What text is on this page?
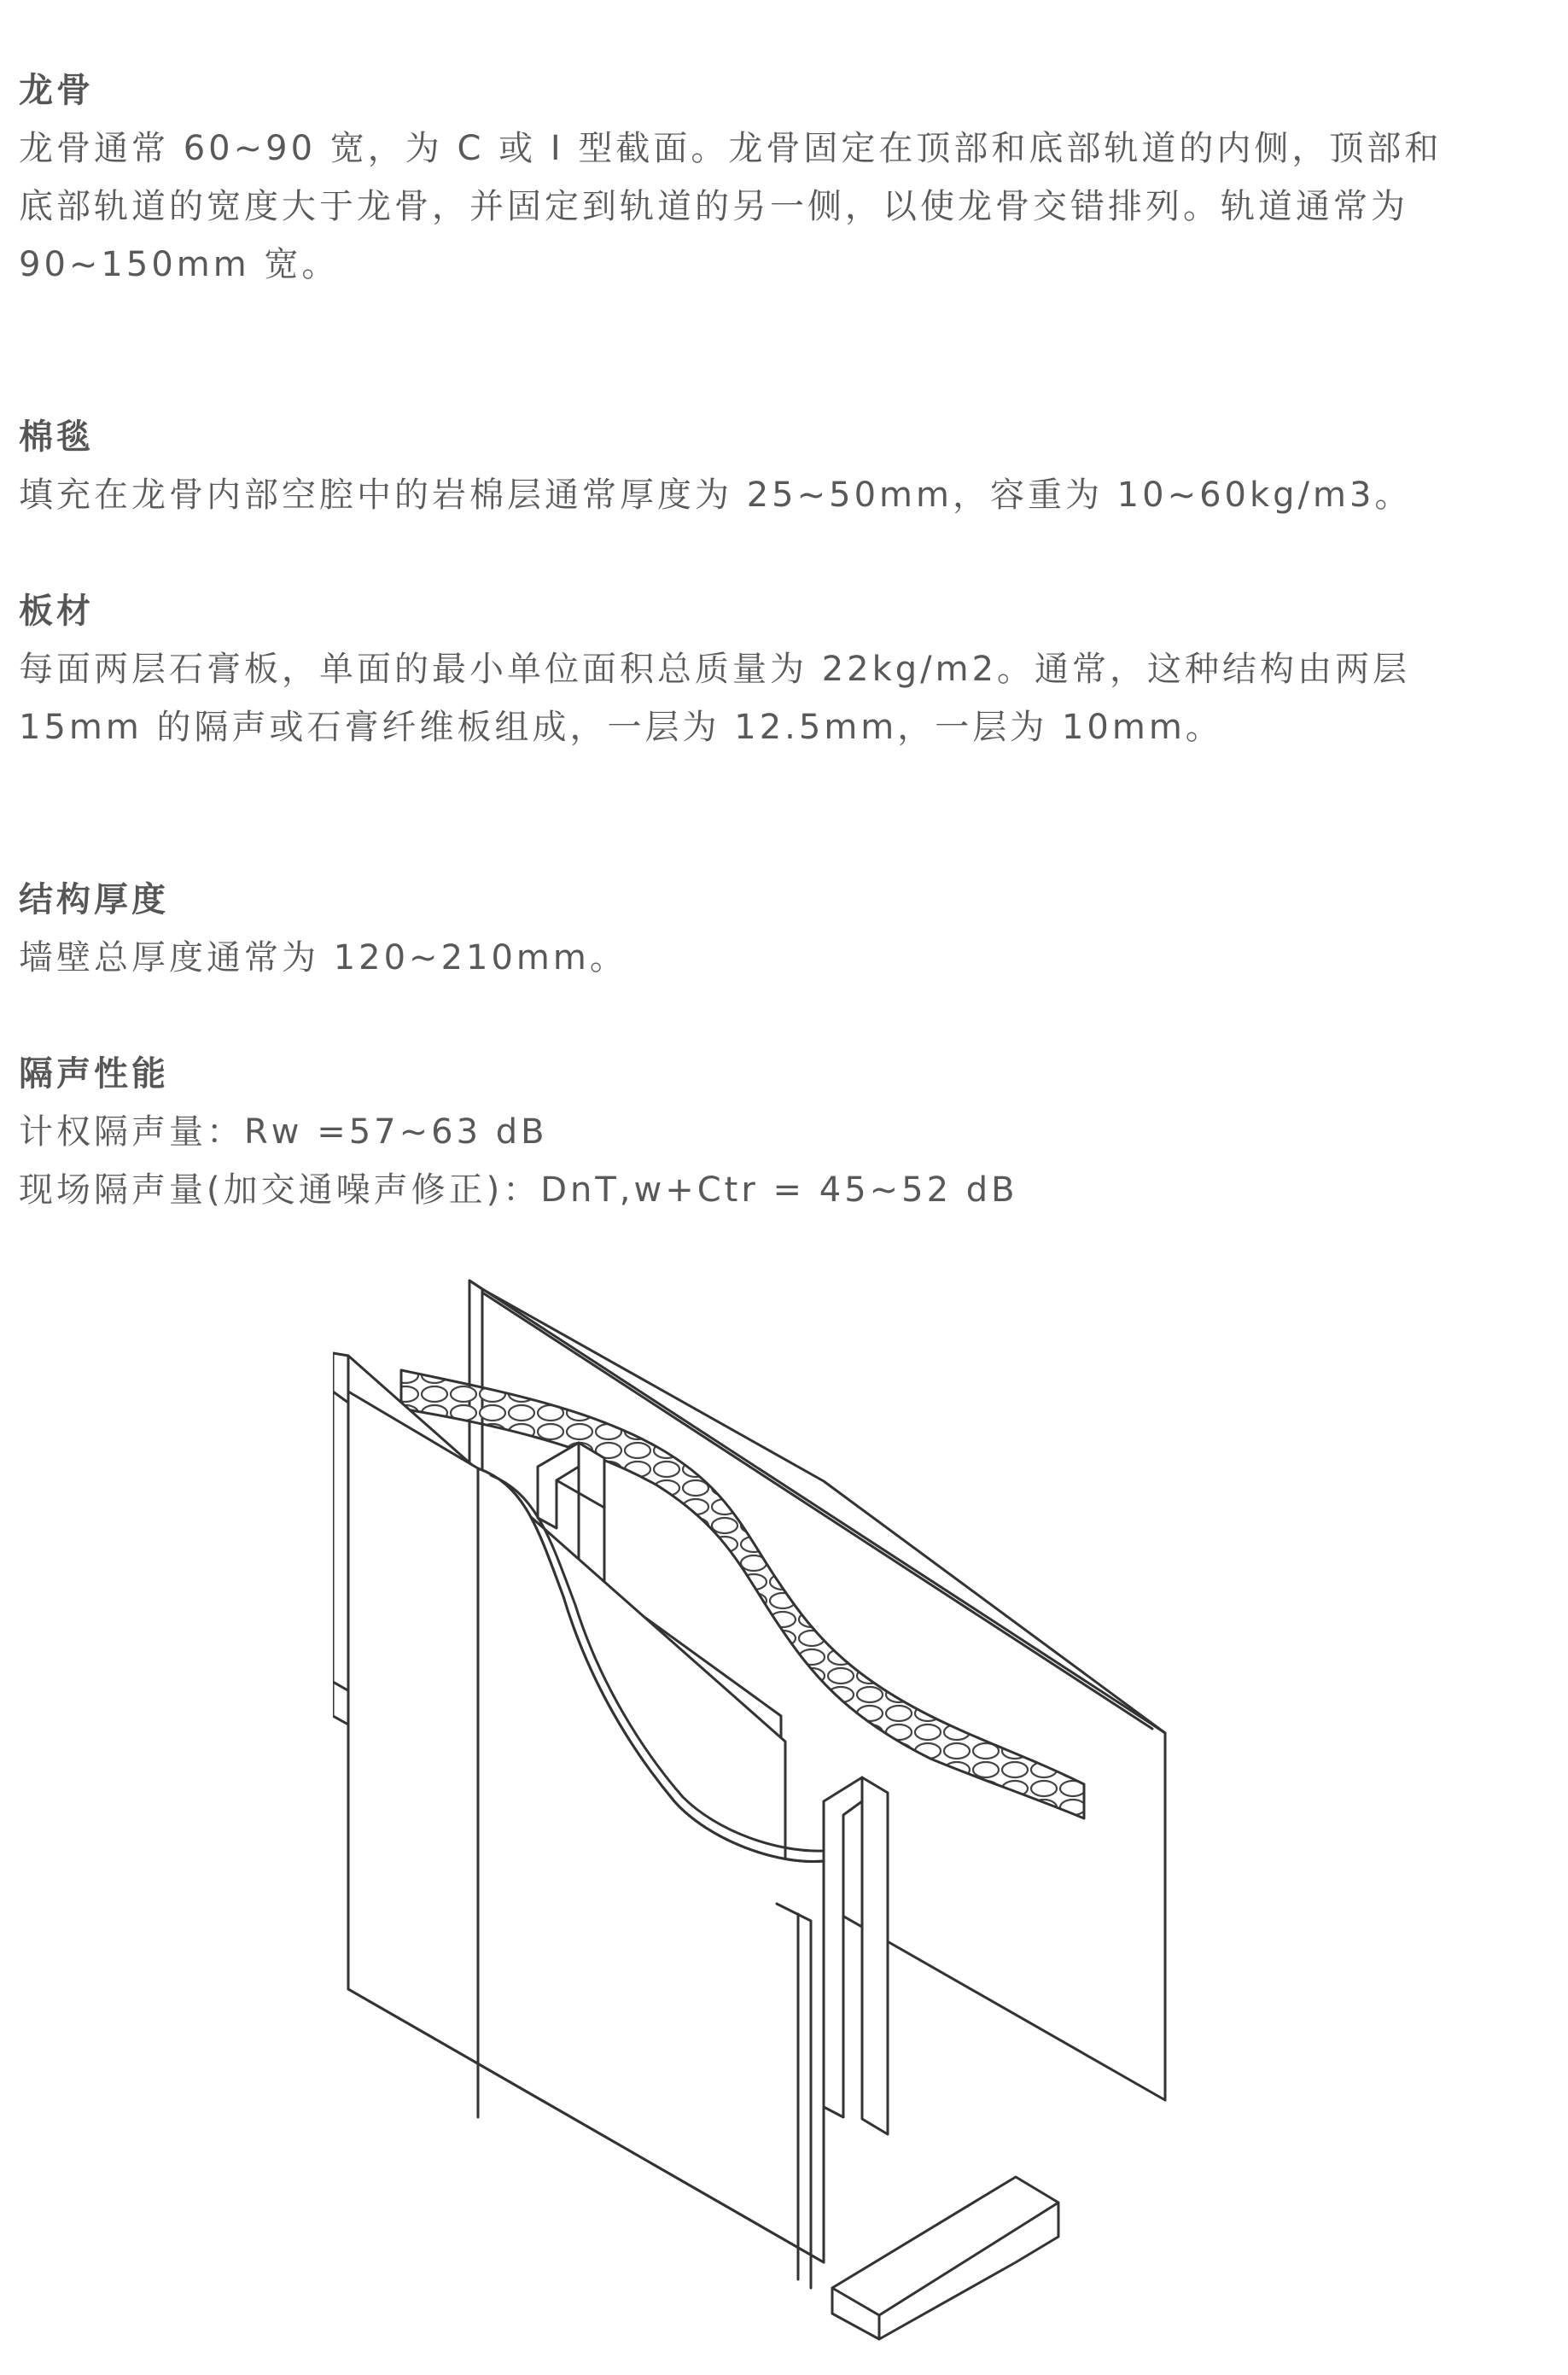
龙骨

龙骨通常 60~90 宽，为 C 或 I 型截面。龙骨固定在顶部和底部轨道的内侧，顶部和

底部轨道的宽度大于龙骨，并固定到轨道的另一侧，以使龙骨交错排列。轨道通常为

90~150mm 宽。

棉毯

填充在龙骨内部空腔中的岩棉层通常厚度为 25~50mm，容重为 10~60kg/m3。

板材

每面两层石膏板，单面的最小单位面积总质量为 22kg/m2。通常，这种结构由两层

15mm 的隔声或石膏纤维板组成，一层为 12.5mm，一层为 10mm。

结构厚度

墙壁总厚度通常为 120~210mm。

隔声性能

计权隔声量：Rw =57~63 dB

现场隔声量(加交通噪声修正)：DnT,w+Ctr = 45~52 dB
